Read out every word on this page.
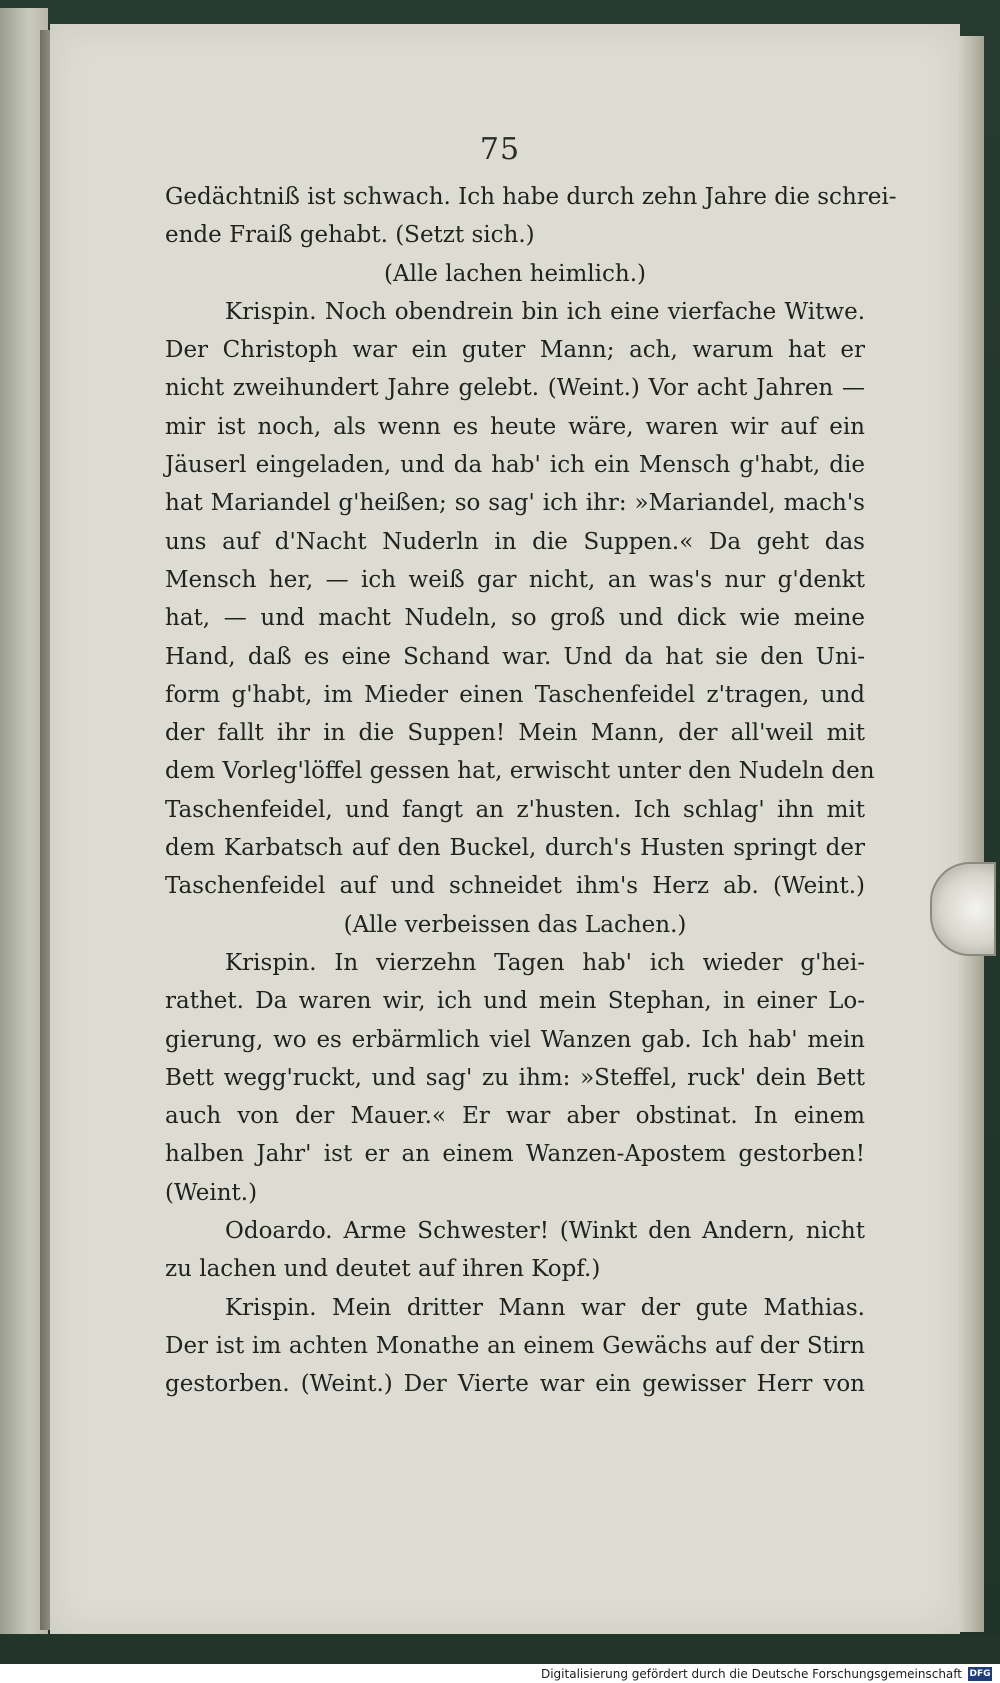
75
Gedächtniß ist schwach. Ich habe durch zehn Jahre die schrei-
ende Fraiß gehabt. (Setzt sich.)
(Alle lachen heimlich.)
Krispin. Noch obendrein bin ich eine vierfache Witwe.
Der Christoph war ein guter Mann; ach, warum hat er
nicht zweihundert Jahre gelebt. (Weint.) Vor acht Jahren —
mir ist noch, als wenn es heute wäre, waren wir auf ein
Jäuserl eingeladen, und da hab' ich ein Mensch g'habt, die
hat Mariandel g'heißen; so sag' ich ihr: »Mariandel, mach's
uns auf d'Nacht Nuderln in die Suppen.« Da geht das
Mensch her, — ich weiß gar nicht, an was's nur g'denkt
hat, — und macht Nudeln, so groß und dick wie meine
Hand, daß es eine Schand war. Und da hat sie den Uni-
form g'habt, im Mieder einen Taschenfeidel z'tragen, und
der fallt ihr in die Suppen! Mein Mann, der all'weil mit
dem Vorleg'löffel gessen hat, erwischt unter den Nudeln den
Taschenfeidel, und fangt an z'husten. Ich schlag' ihn mit
dem Karbatsch auf den Buckel, durch's Husten springt der
Taschenfeidel auf und schneidet ihm's Herz ab. (Weint.)
(Alle verbeissen das Lachen.)
Krispin. In vierzehn Tagen hab' ich wieder g'hei-
rathet. Da waren wir, ich und mein Stephan, in einer Lo-
gierung, wo es erbärmlich viel Wanzen gab. Ich hab' mein
Bett wegg'ruckt, und sag' zu ihm: »Steffel, ruck' dein Bett
auch von der Mauer.« Er war aber obstinat. In einem
halben Jahr' ist er an einem Wanzen-Apostem gestorben!
(Weint.)
Odoardo. Arme Schwester! (Winkt den Andern, nicht
zu lachen und deutet auf ihren Kopf.)
Krispin. Mein dritter Mann war der gute Mathias.
Der ist im achten Monathe an einem Gewächs auf der Stirn
gestorben. (Weint.) Der Vierte war ein gewisser Herr von
Digitalisierung gefördert durch die Deutsche Forschungsgemeinschaft DFG
